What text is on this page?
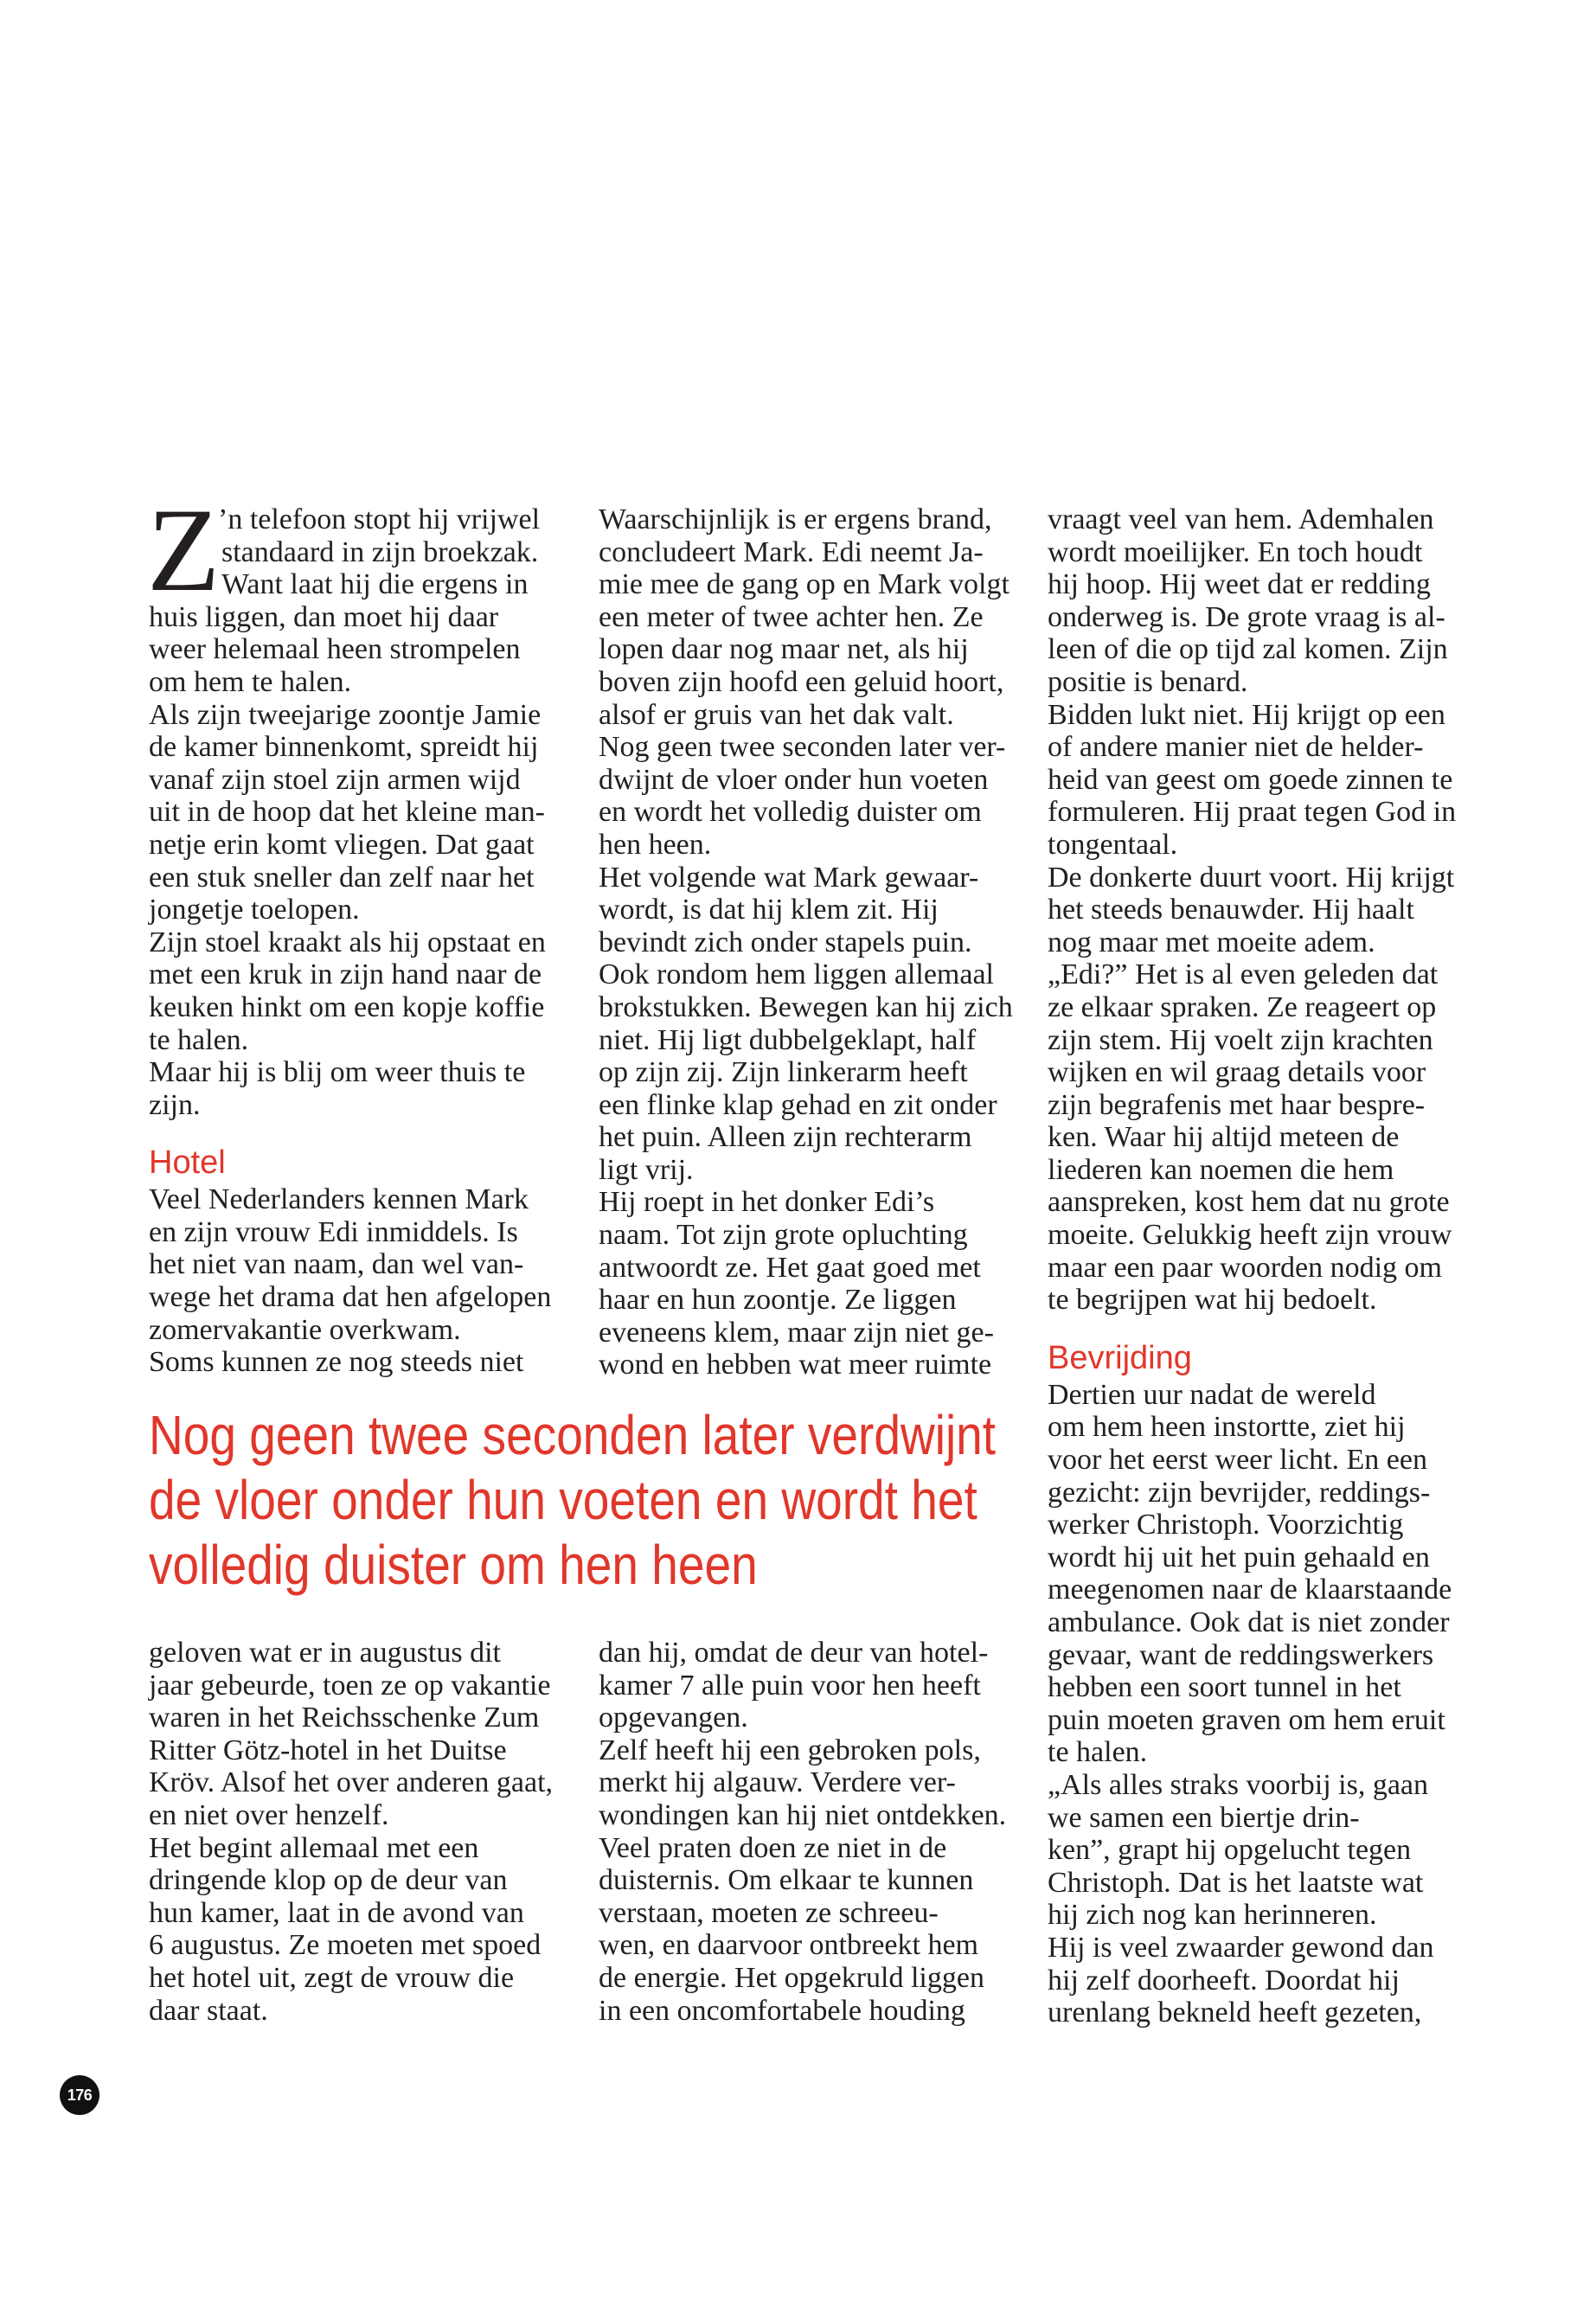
Z
’n telefoon stopt hij vrijwel
standaard in zijn broekzak.
Want laat hij die ergens in
huis liggen, dan moet hij daar
weer helemaal heen strompelen
om hem te halen.
Als zijn tweejarige zoontje Jamie
de kamer binnenkomt, spreidt hij
vanaf zijn stoel zijn armen wijd
uit in de hoop dat het kleine man-
netje erin komt vliegen. Dat gaat
een stuk sneller dan zelf naar het
jongetje toelopen.
Zijn stoel kraakt als hij opstaat en
met een kruk in zijn hand naar de
keuken hinkt om een kopje koffie
te halen.
Maar hij is blij om weer thuis te
zijn.
Hotel
Veel Nederlanders kennen Mark
en zijn vrouw Edi inmiddels. Is
het niet van naam, dan wel van-
wege het drama dat hen afgelopen
zomervakantie overkwam.
Soms kunnen ze nog steeds niet
Waarschijnlijk is er ergens brand,
concludeert Mark. Edi neemt Ja-
mie mee de gang op en Mark volgt
een meter of twee achter hen. Ze
lopen daar nog maar net, als hij
boven zijn hoofd een geluid hoort,
alsof er gruis van het dak valt.
Nog geen twee seconden later ver-
dwijnt de vloer onder hun voeten
en wordt het volledig duister om
hen heen.
Het volgende wat Mark gewaar-
wordt, is dat hij klem zit. Hij
bevindt zich onder stapels puin.
Ook rondom hem liggen allemaal
brokstukken. Bewegen kan hij zich
niet. Hij ligt dubbelgeklapt, half
op zijn zij. Zijn linkerarm heeft
een flinke klap gehad en zit onder
het puin. Alleen zijn rechterarm
ligt vrij.
Hij roept in het donker Edi’s
naam. Tot zijn grote opluchting
antwoordt ze. Het gaat goed met
haar en hun zoontje. Ze liggen
eveneens klem, maar zijn niet ge-
wond en hebben wat meer ruimte
vraagt veel van hem. Ademhalen
wordt moeilijker. En toch houdt
hij hoop. Hij weet dat er redding
onderweg is. De grote vraag is al-
leen of die op tijd zal komen. Zijn
positie is benard.
Bidden lukt niet. Hij krijgt op een
of andere manier niet de helder-
heid van geest om goede zinnen te
formuleren. Hij praat tegen God in
tongentaal.
De donkerte duurt voort. Hij krijgt
het steeds benauwder. Hij haalt
nog maar met moeite adem.
„Edi?” Het is al even geleden dat
ze elkaar spraken. Ze reageert op
zijn stem. Hij voelt zijn krachten
wijken en wil graag details voor
zijn begrafenis met haar bespre-
ken. Waar hij altijd meteen de
liederen kan noemen die hem
aanspreken, kost hem dat nu grote
moeite. Gelukkig heeft zijn vrouw
maar een paar woorden nodig om
te begrijpen wat hij bedoelt.
Bevrijding
Dertien uur nadat de wereld
om hem heen instortte, ziet hij
voor het eerst weer licht. En een
gezicht: zijn bevrijder, reddings-
werker Christoph. Voorzichtig
wordt hij uit het puin gehaald en
meegenomen naar de klaarstaande
ambulance. Ook dat is niet zonder
gevaar, want de reddingswerkers
hebben een soort tunnel in het
puin moeten graven om hem eruit
te halen.
„Als alles straks voorbij is, gaan
we samen een biertje drin-
ken”, grapt hij opgelucht tegen
Christoph. Dat is het laatste wat
hij zich nog kan herinneren.
Hij is veel zwaarder gewond dan
hij zelf doorheeft. Doordat hij
urenlang bekneld heeft gezeten,
Nog geen twee seconden later verdwijnt
de vloer onder hun voeten en wordt het
volledig duister om hen heen
geloven wat er in augustus dit
jaar gebeurde, toen ze op vakantie
waren in het Reichsschenke Zum
Ritter Götz-hotel in het Duitse
Kröv. Alsof het over anderen gaat,
en niet over henzelf.
Het begint allemaal met een
dringende klop op de deur van
hun kamer, laat in de avond van
6 augustus. Ze moeten met spoed
het hotel uit, zegt de vrouw die
daar staat.
dan hij, omdat de deur van hotel-
kamer 7 alle puin voor hen heeft
opgevangen.
Zelf heeft hij een gebroken pols,
merkt hij algauw. Verdere ver-
wondingen kan hij niet ontdekken.
Veel praten doen ze niet in de
duisternis. Om elkaar te kunnen
verstaan, moeten ze schreeu-
wen, en daarvoor ontbreekt hem
de energie. Het opgekruld liggen
in een oncomfortabele houding
176
